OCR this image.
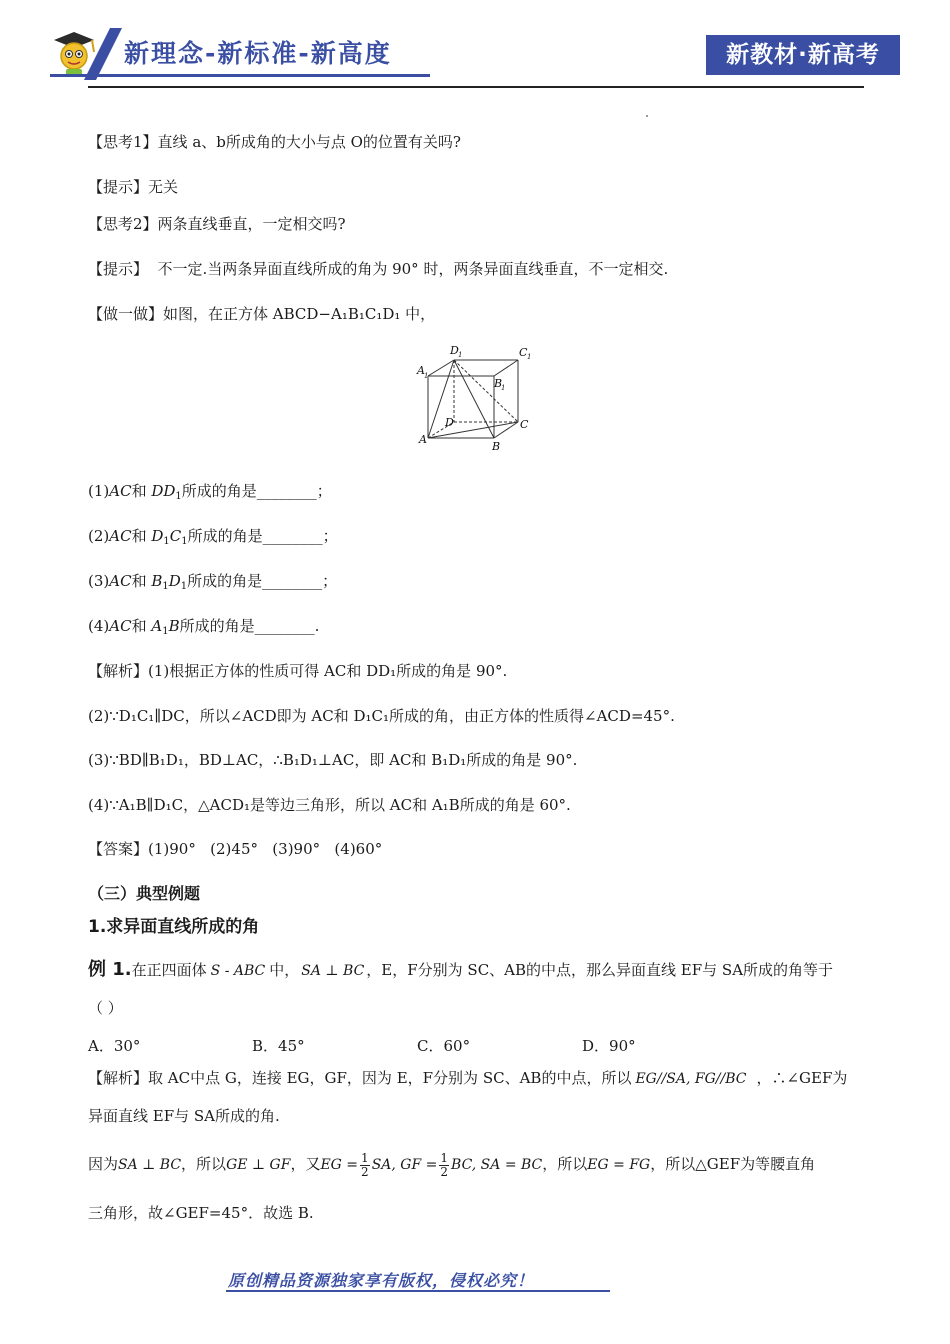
新理念-新标准-新高度	新教材·新高考
【思考1】直线 a、b所成角的大小与点 O的位置有关吗?
【提示】无关
【思考2】两条直线垂直，一定相交吗?
【提示】  不一定.当两条异面直线所成的角为 90° 时，两条异面直线垂直，不一定相交.
【做一做】如图，在正方体 ABCD−A₁B₁C₁D₁ 中，
A 1
D 1	C 1
B
1
D	C
A
B
(1)AC和 $DD_1$所成的角是________；
(2)AC和 $D_1C_1$所成的角是________；
(3)AC和 $B_1D_1$所成的角是________；
(4)AC和 $A_1B$所成的角是________.
【解析】(1)根据正方体的性质可得 AC和 DD₁所成的角是 90°.
(2)∵D₁C₁∥DC，所以∠ACD即为 AC和 D₁C₁所成的角，由正方体的性质得∠ACD=45°.
(3)∵BD∥B₁D₁，BD⊥AC，∴B₁D₁⊥AC，即 AC和 B₁D₁所成的角是 90°.
(4)∵A₁B∥D₁C，△ACD₁是等边三角形，所以 AC和 A₁B所成的角是 60°.
【答案】(1)90°   (2)45°   (3)90°   (4)60°
（三）典型例题
1.求异面直线所成的角
例 1.在正四面体 S - ABC 中， SA ⊥ BC ，E，F分别为 SC、AB的中点，那么异面直线 EF与 SA所成的角等于
（ ）
A．30°	B．45°	C．60°	D．90°
【解析】取 AC中点 G，连接 EG，GF，因为 E，F分别为 SC、AB的中点，所以 EG//SA, FG//BC ，∴∠GEF为
异面直线 EF与 SA所成的角.
因为SA ⊥ BC，所以GE ⊥ GF，又EG = $\frac{1}{2}$ SA, GF = $\frac{1}{2}$ BC, SA = BC，所以EG = FG，所以△GEF为等腰直角
三角形，故∠GEF=45°．故选 B.
原创精品资源独家享有版权，侵权必究！
